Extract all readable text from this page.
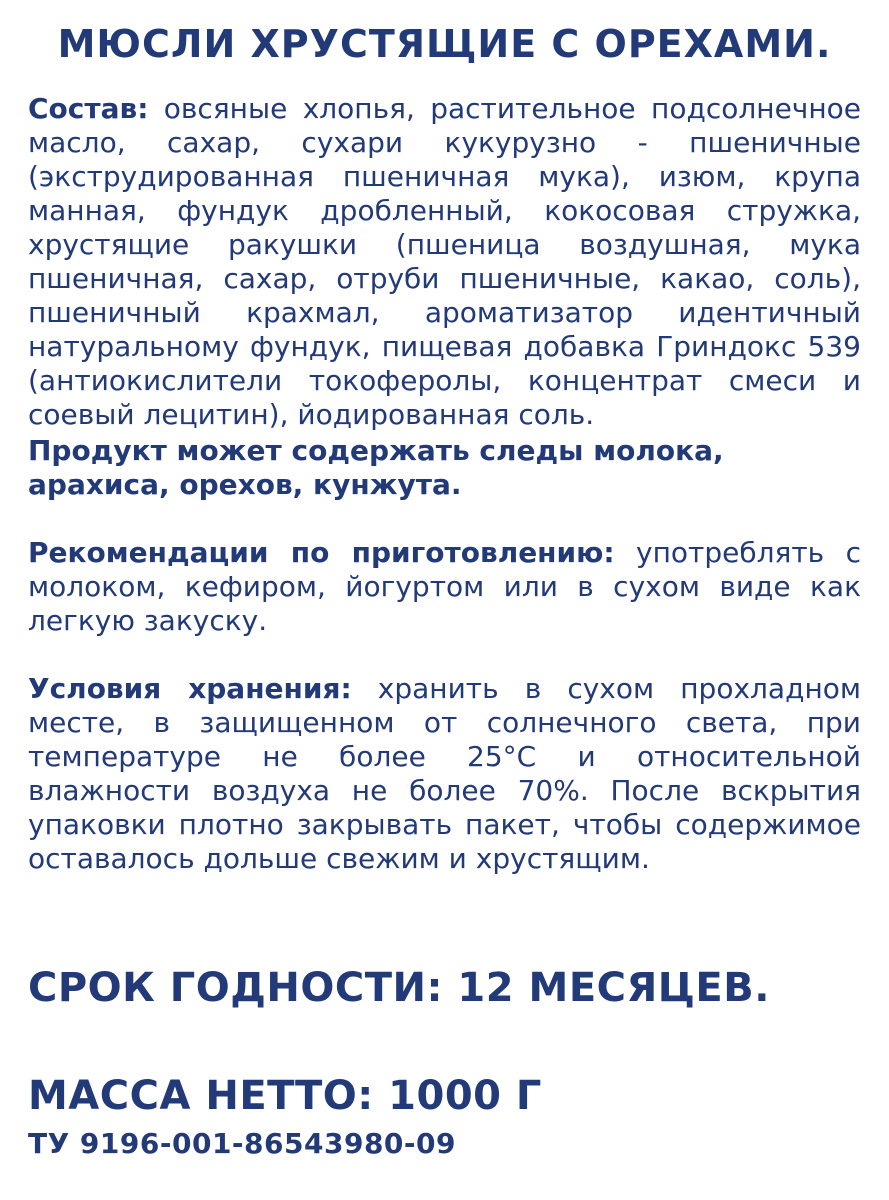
МЮСЛИ ХРУСТЯЩИЕ С ОРЕХАМИ.
Состав: овсяные хлопья, растительное подсолнечное масло, сахар, сухари кукурузно - пшеничные (экструдированная пшеничная мука), изюм, крупа манная, фундук дробленный, кокосовая стружка, хрустящие ракушки (пшеница воздушная, мука пшеничная, сахар, отруби пшеничные, какао, соль), пшеничный крахмал, ароматизатор идентичный натуральному фундук, пищевая добавка Гриндокс 539 (антиокислители токоферолы, концентрат смеси и соевый лецитин), йодированная соль.
Продукт может содержать следы молока, арахиса, орехов, кунжута.
Рекомендации по приготовлению: употреблять с молоком, кефиром, йогуртом или в сухом виде как легкую закуску.
Условия хранения: хранить в сухом прохладном месте, в защищенном от солнечного света, при температуре не более 25°С и относительной влажности воздуха не более 70%. После вскрытия упаковки плотно закрывать пакет, чтобы содержимое оставалось дольше свежим и хрустящим.
СРОК ГОДНОСТИ: 12 МЕСЯЦЕВ.
МАССА НЕТТО: 1000 Г
ТУ 9196-001-86543980-09
